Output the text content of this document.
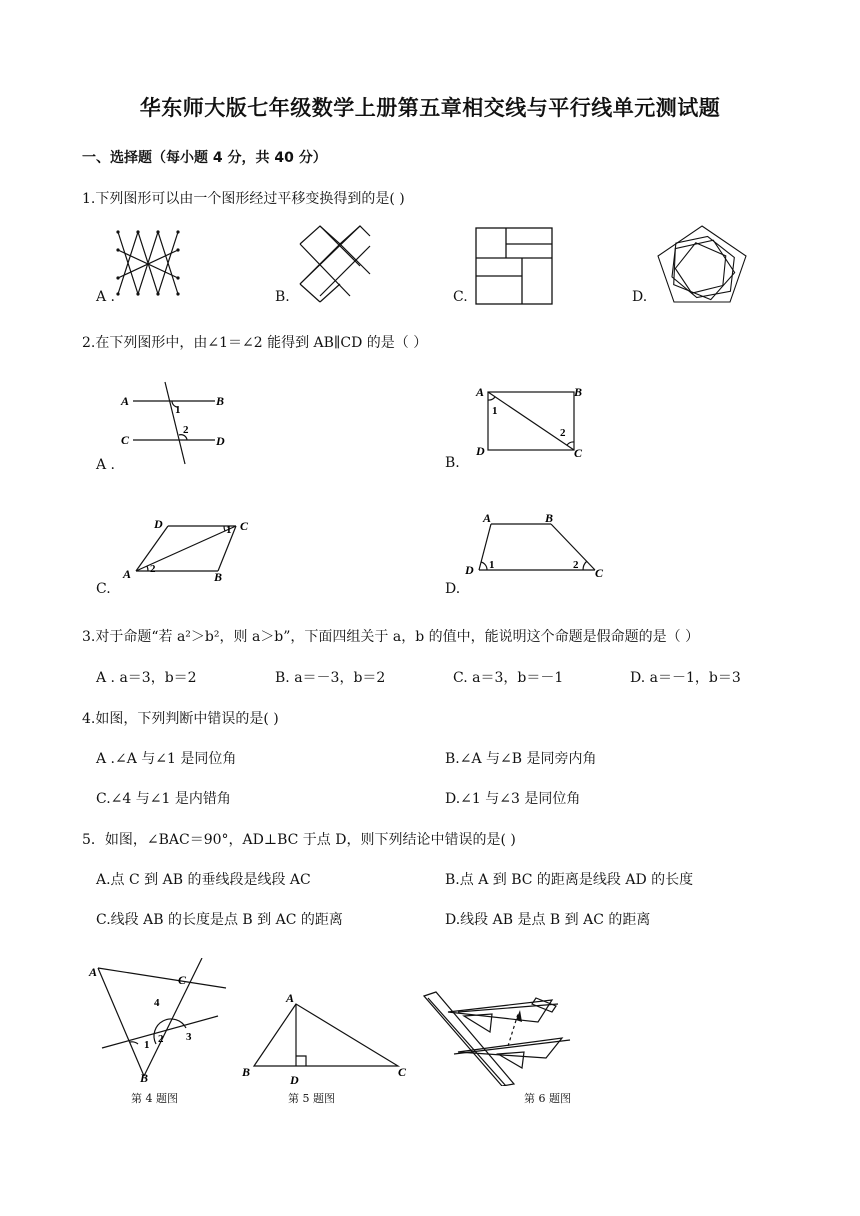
华东师大版七年级数学上册第五章相交线与平行线单元测试题
一、选择题（每小题 4 分，共 40 分）
1.下列图形可以由一个图形经过平移变换得到的是( )
A .	B.	C.	D.
2.在下列图形中，由∠1＝∠2 能得到 AB∥CD 的是（ ）
A	B
C	D
1
2
A .
A	B
D	C
1
2
B.
D	C
A	B
1
2
C.
A	B
D	C
1	2
D.
3.对于命题“若 a²＞b²，则 a＞b”，下面四组关于 a，b 的值中，能说明这个命题是假命题的是（ ）
A . a＝3，b＝2	B. a＝－3，b＝2	C. a＝3，b＝－1	D. a＝－1，b＝3
4.如图，下列判断中错误的是( )
A .∠A 与∠1 是同位角	B.∠A 与∠B 是同旁内角
C.∠4 与∠1 是内错角	D.∠1 与∠3 是同位角
5．如图，∠BAC＝90°，AD⊥BC 于点 D，则下列结论中错误的是( )
A.点 C 到 AB 的垂线段是线段 AC	B.点 A 到 BC 的距离是线段 AD 的长度
C.线段 AB 的长度是点 B 到 AC 的距离	D.线段 AB 是点 B 到 AC 的距离
A
C
B
4
3
2
1
第 4 题图
A
B
D
C
第 5 题图	第 6 题图
